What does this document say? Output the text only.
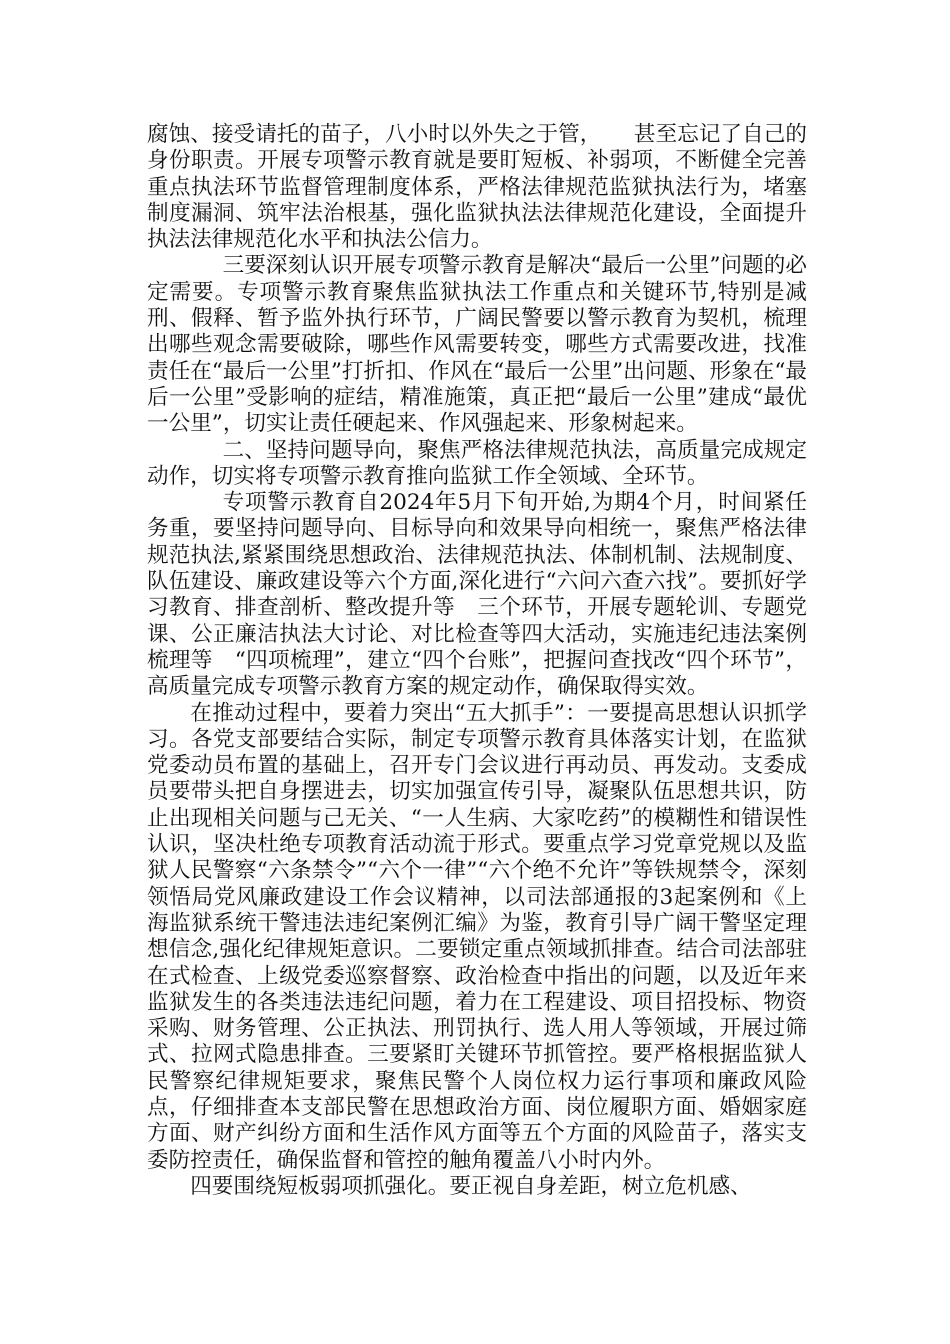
腐蚀、接受请托的苗子，八小时以外失之于管，　　甚至忘记了自己的身份职责。开展专项警示教育就是要盯短板、补弱项，不断健全完善重点执法环节监督管理制度体系，严格法律规范监狱执法行为，堵塞制度漏洞、筑牢法治根基，强化监狱执法法律规范化建设，全面提升执法法律规范化水平和执法公信力。

三要深刻认识开展专项警示教育是解决“最后一公里”问题的必定需要。专项警示教育聚焦监狱执法工作重点和关键环节,特别是减刑、假释、暂予监外执行环节，广阔民警要以警示教育为契机，梳理出哪些观念需要破除，哪些作风需要转变，哪些方式需要改进，找准责任在“最后一公里”打折扣、作风在“最后一公里”出问题、形象在“最后一公里”受影响的症结，精准施策，真正把“最后一公里”建成“最优一公里”，切实让责任硬起来、作风强起来、形象树起来。

二、坚持问题导向，聚焦严格法律规范执法，高质量完成规定动作，切实将专项警示教育推向监狱工作全领域、全环节。

专项警示教育自2024年5月下旬开始,为期4个月，时间紧任务重，要坚持问题导向、目标导向和效果导向相统一，聚焦严格法律规范执法,紧紧围绕思想政治、法律规范执法、体制机制、法规制度、队伍建设、廉政建设等六个方面,深化进行“六问六查六找”。要抓好学习教育、排查剖析、整改提升等　三个环节，开展专题轮训、专题党课、公正廉洁执法大讨论、对比检查等四大活动，实施违纪违法案例梳理等　“四项梳理”，建立“四个台账”，把握问查找改“四个环节”，高质量完成专项警示教育方案的规定动作，确保取得实效。

在推动过程中，要着力突出“五大抓手”：一要提高思想认识抓学习。各党支部要结合实际，制定专项警示教育具体落实计划，在监狱党委动员布置的基础上，召开专门会议进行再动员、再发动。支委成员要带头把自身摆进去，切实加强宣传引导，凝聚队伍思想共识，防止出现相关问题与己无关、“一人生病、大家吃药”的模糊性和错误性认识，坚决杜绝专项教育活动流于形式。要重点学习党章党规以及监狱人民警察“六条禁令”“六个一律”“六个绝不允许”等铁规禁令，深刻领悟局党风廉政建设工作会议精神，以司法部通报的3起案例和《上海监狱系统干警违法违纪案例汇编》为鉴，教育引导广阔干警坚定理想信念,强化纪律规矩意识。二要锁定重点领域抓排查。结合司法部驻在式检查、上级党委巡察督察、政治检查中指出的问题，以及近年来监狱发生的各类违法违纪问题，着力在工程建设、项目招投标、物资采购、财务管理、公正执法、刑罚执行、选人用人等领域，开展过筛式、拉网式隐患排查。三要紧盯关键环节抓管控。要严格根据监狱人民警察纪律规矩要求，聚焦民警个人岗位权力运行事项和廉政风险点，仔细排查本支部民警在思想政治方面、岗位履职方面、婚姻家庭方面、财产纠纷方面和生活作风方面等五个方面的风险苗子，落实支委防控责任，确保监督和管控的触角覆盖八小时内外。

四要围绕短板弱项抓强化。要正视自身差距，树立危机感、
